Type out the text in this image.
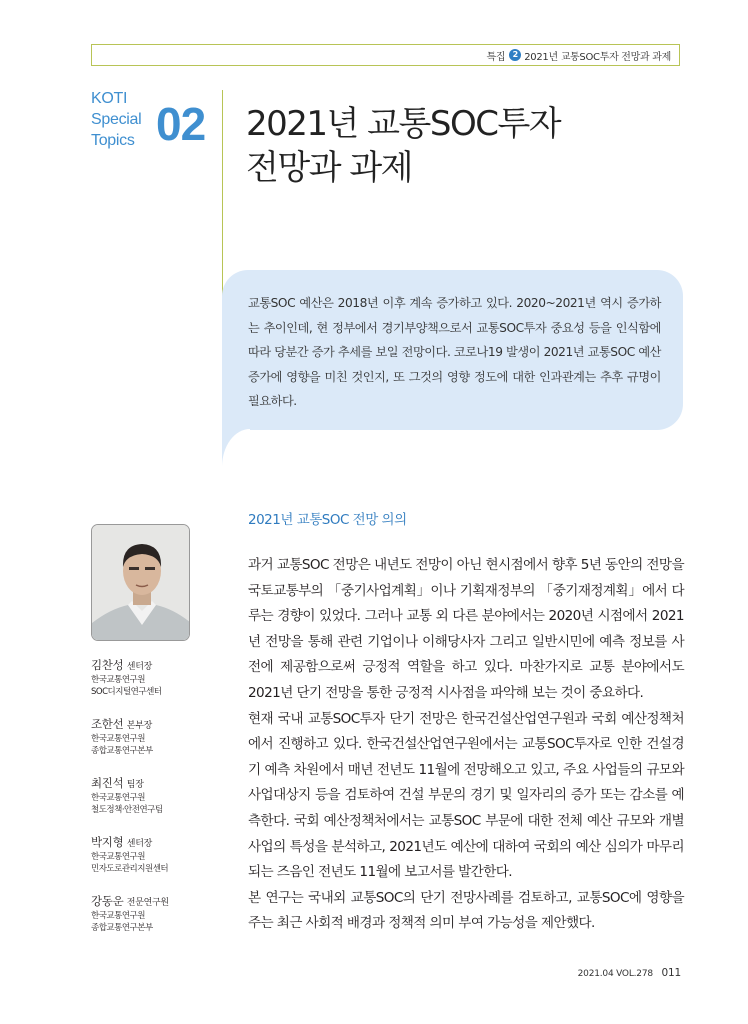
특집 2 2021년 교통SOC투자 전망과 과제
KOTI
Special
Topics 02 2021년 교통SOC투자
전망과 과제
교통SOC 예산은 2018년 이후 계속 증가하고 있다. 2020~2021년 역시 증가하는 추이인데, 현 정부에서 경기부양책으로서 교통SOC투자 중요성 등을 인식함에 따라 당분간 증가 추세를 보일 전망이다. 코로나19 발생이 2021년 교통SOC 예산 증가에 영향을 미친 것인지, 또 그것의 영향 정도에 대한 인과관계는 추후 규명이 필요하다.
2021년 교통SOC 전망 의의

과거 교통SOC 전망은 내년도 전망이 아닌 현시점에서 향후 5년 동안의 전망을 국토교통부의 「중기사업계획」이나 기획재정부의 「중기재정계획」에서 다루는 경향이 있었다. 그러나 교통 외 다른 분야에서는 2020년 시점에서 2021년 전망을 통해 관련 기업이나 이해당사자 그리고 일반시민에 예측 정보를 사전에 제공함으로써 긍정적 역할을 하고 있다. 마찬가지로 교통 분야에서도 2021년 단기 전망을 통한 긍정적 시사점을 파악해 보는 것이 중요하다.

현재 국내 교통SOC투자 단기 전망은 한국건설산업연구원과 국회 예산정책처에서 진행하고 있다. 한국건설산업연구원에서는 교통SOC투자로 인한 건설경기 예측 차원에서 매년 전년도 11월에 전망해오고 있고, 주요 사업들의 규모와 사업대상지 등을 검토하여 건설 부문의 경기 및 일자리의 증가 또는 감소를 예측한다. 국회 예산정책처에서는 교통SOC 부문에 대한 전체 예산 규모와 개별사업의 특성을 분석하고, 2021년도 예산에 대하여 국회의 예산 심의가 마무리되는 즈음인 전년도 11월에 보고서를 발간한다.

본 연구는 국내외 교통SOC의 단기 전망사례를 검토하고, 교통SOC에 영향을 주는 최근 사회적 배경과 정책적 의미 부여 가능성을 제안했다.

김찬성 센터장
한국교통연구원
SOC디지털연구센터
조한선 본부장
한국교통연구원
종합교통연구본부
최진석 팀장
한국교통연구원
철도정책·안전연구팀
박지형 센터장
한국교통연구원
민자도로관리지원센터
강동운 전문연구원
한국교통연구원
종합교통연구본부
2021.04 VOL.278 011
